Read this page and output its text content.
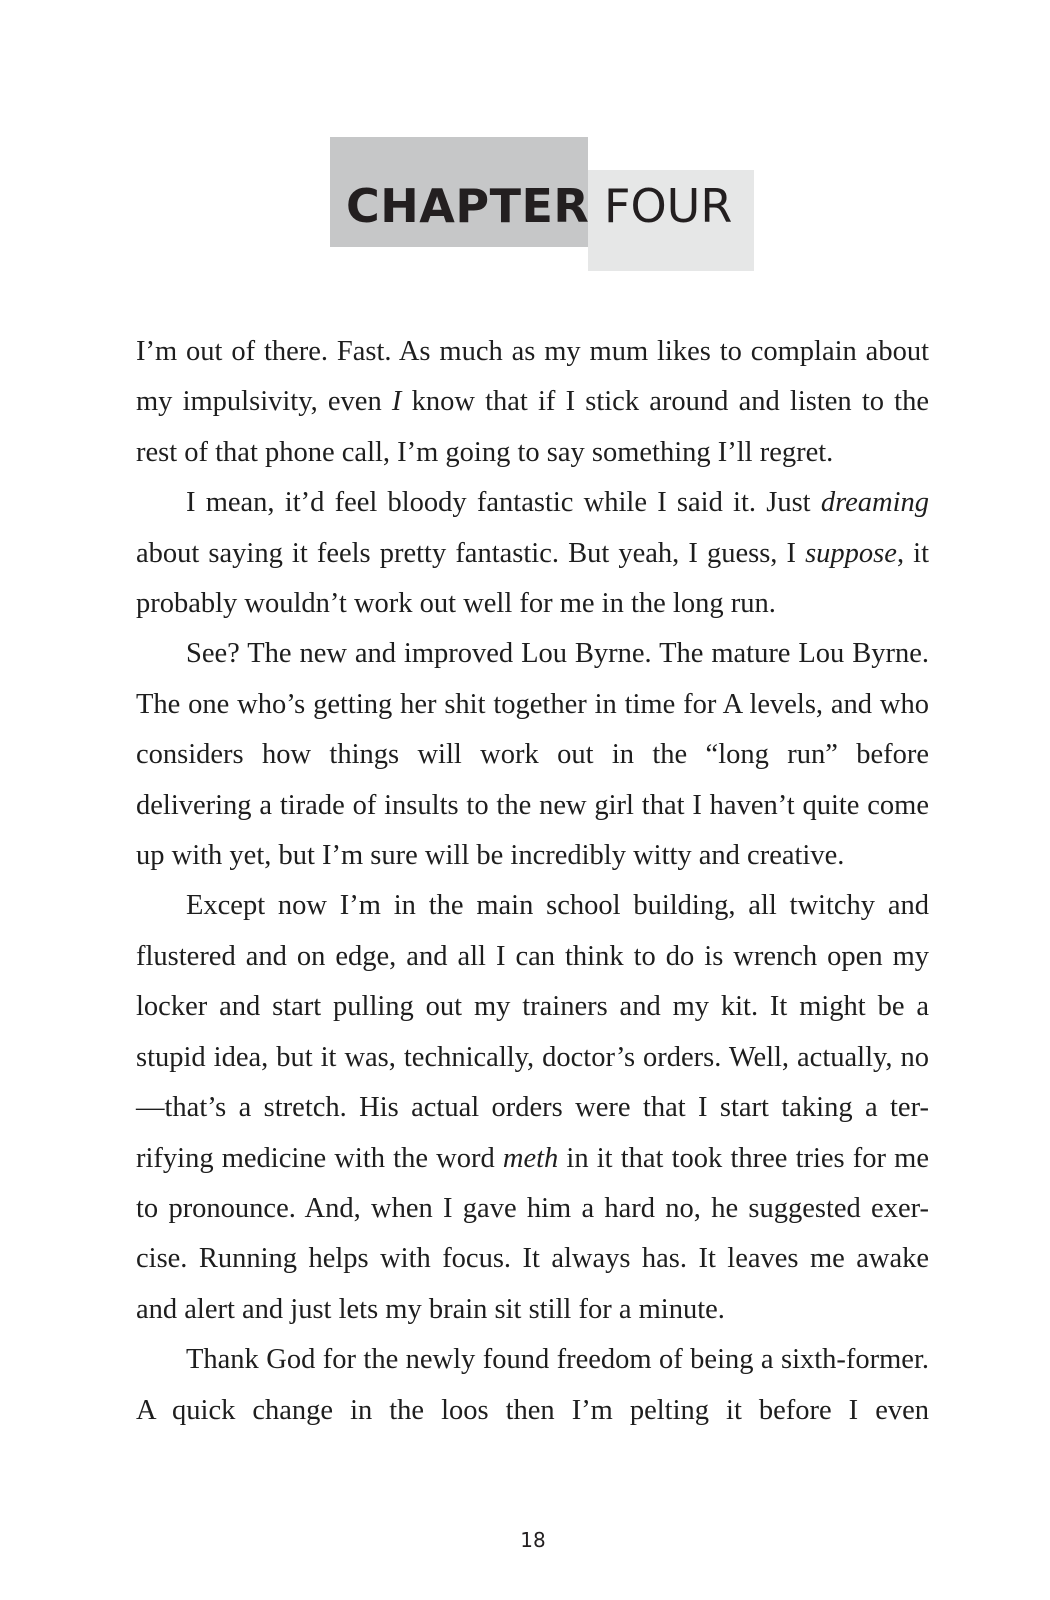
CHAPTER FOUR

I’m out of there. Fast. As much as my mum likes to complain about my impulsivity, even I know that if I stick around and listen to the rest of that phone call, I’m going to say something I’ll regret.

I mean, it’d feel bloody fantastic while I said it. Just dreaming about saying it feels pretty fantastic. But yeah, I guess, I suppose, it probably wouldn’t work out well for me in the long run.

See? The new and improved Lou Byrne. The mature Lou Byrne. The one who’s getting her shit together in time for A levels, and who considers how things will work out in the “long run” before delivering a tirade of insults to the new girl that I haven’t quite come up with yet, but I’m sure will be incredibly witty and creative.

Except now I’m in the main school building, all twitchy and flustered and on edge, and all I can think to do is wrench open my locker and start pulling out my trainers and my kit. It might be a stupid idea, but it was, technically, doctor’s orders. Well, actually, no—that’s a stretch. His actual orders were that I start taking a ter-rifying medicine with the word meth in it that took three tries for me to pronounce. And, when I gave him a hard no, he suggested exer-cise. Running helps with focus. It always has. It leaves me awake and alert and just lets my brain sit still for a minute.

Thank God for the newly found freedom of being a sixth-former. A quick change in the loos then I’m pelting it before I even

18
